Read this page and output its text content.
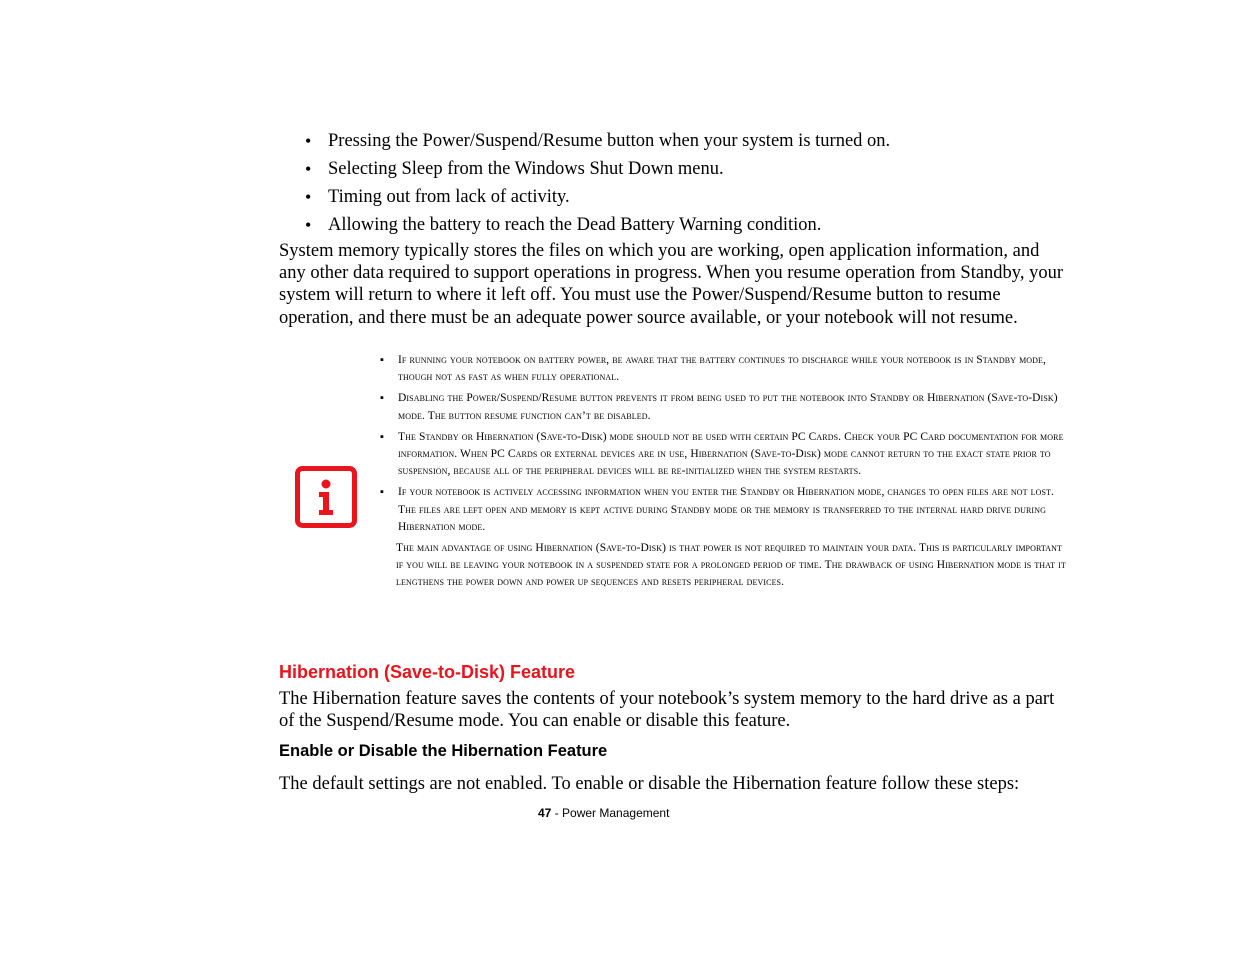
• Pressing the Power/Suspend/Resume button when your system is turned on.
• Selecting Sleep from the Windows Shut Down menu.
• Timing out from lack of activity.
• Allowing the battery to reach the Dead Battery Warning condition.

System memory typically stores the files on which you are working, open application information, and any other data required to support operations in progress. When you resume operation from Standby, your system will return to where it left off. You must use the Power/Suspend/Resume button to resume operation, and there must be an adequate power source available, or your notebook will not resume.

▪ If running your notebook on battery power, be aware that the battery continues to discharge while your notebook is in Standby mode, though not as fast as when fully operational.
▪ Disabling the Power/Suspend/Resume button prevents it from being used to put the notebook into Standby or Hibernation (Save-to-Disk) mode. The button resume function can’t be disabled.
▪ The Standby or Hibernation (Save-to-Disk) mode should not be used with certain PC Cards. Check your PC Card documentation for more information. When PC Cards or external devices are in use, Hibernation (Save-to-Disk) mode cannot return to the exact state prior to suspension, because all of the peripheral devices will be re-initialized when the system restarts.
▪ If your notebook is actively accessing information when you enter the Standby or Hibernation mode, changes to open files are not lost. The files are left open and memory is kept active during Standby mode or the memory is transferred to the internal hard drive during Hibernation mode.
The main advantage of using Hibernation (Save-to-Disk) is that power is not required to maintain your data. This is particularly important if you will be leaving your notebook in a suspended state for a prolonged period of time. The drawback of using Hibernation mode is that it lengthens the power down and power up sequences and resets peripheral devices.
Hibernation (Save-to-Disk) Feature

The Hibernation feature saves the contents of your notebook’s system memory to the hard drive as a part of the Suspend/Resume mode. You can enable or disable this feature.

Enable or Disable the Hibernation Feature

The default settings are not enabled. To enable or disable the Hibernation feature follow these steps:

47 - Power Management
